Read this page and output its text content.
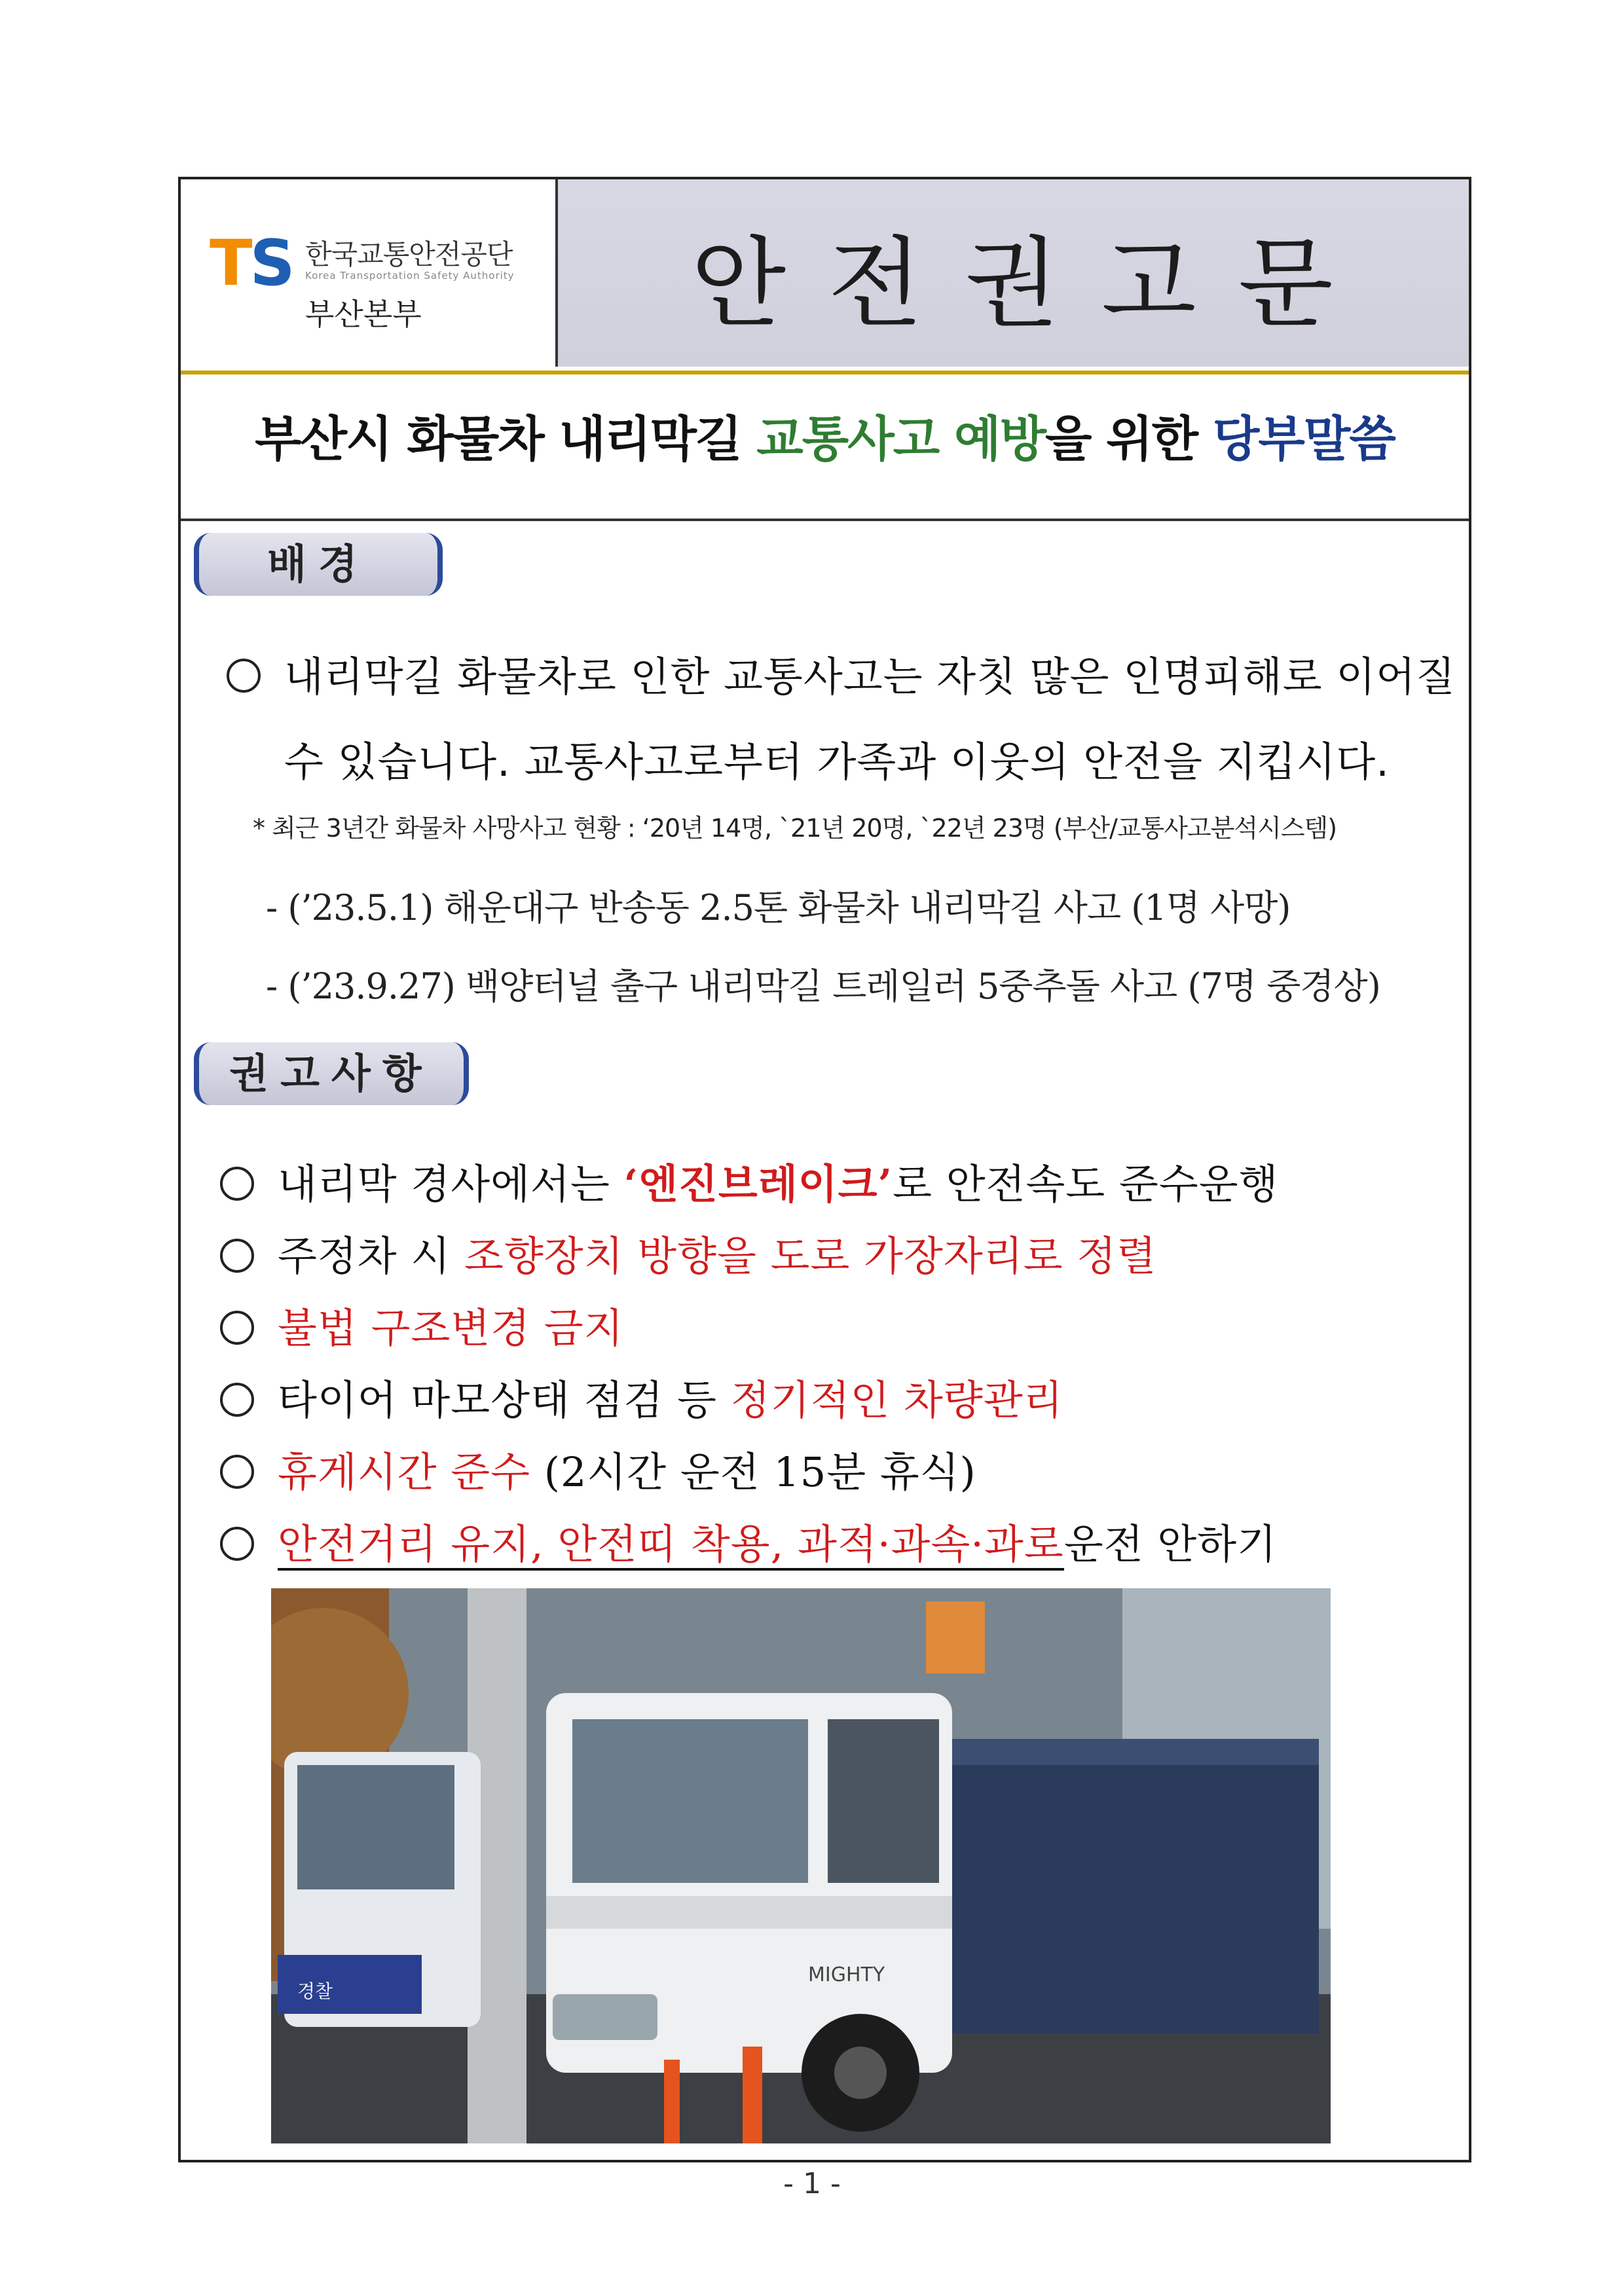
TS 한국교통안전공단
Korea Transportation Safety Authority
부산본부	안전권고문
부산시 화물차 내리막길 교통사고 예방을 위한 당부말씀
배경
내리막길 화물차로 인한 교통사고는 자칫 많은 인명피해로 이어질
수 있습니다. 교통사고로부터 가족과 이웃의 안전을 지킵시다.
* 최근 3년간 화물차 사망사고 현황 : ‘20년 14명, `21년 20명, `22년 23명 (부산/교통사고분석시스템)
- (’23.5.1) 해운대구 반송동 2.5톤 화물차 내리막길 사고 (1명 사망)
- (’23.9.27) 백양터널 출구 내리막길 트레일러 5중추돌 사고 (7명 중경상)
권고사항
내리막 경사에서는 ‘엔진브레이크’로 안전속도 준수운행
주정차 시 조향장치 방향을 도로 가장자리로 정렬
불법 구조변경 금지
타이어 마모상태 점검 등 정기적인 차량관리
휴게시간 준수 (2시간 운전 15분 휴식)
안전거리 유지, 안전띠 착용, 과적·과속·과로운전 안하기
경찰
MIGHTY
- 1 -
